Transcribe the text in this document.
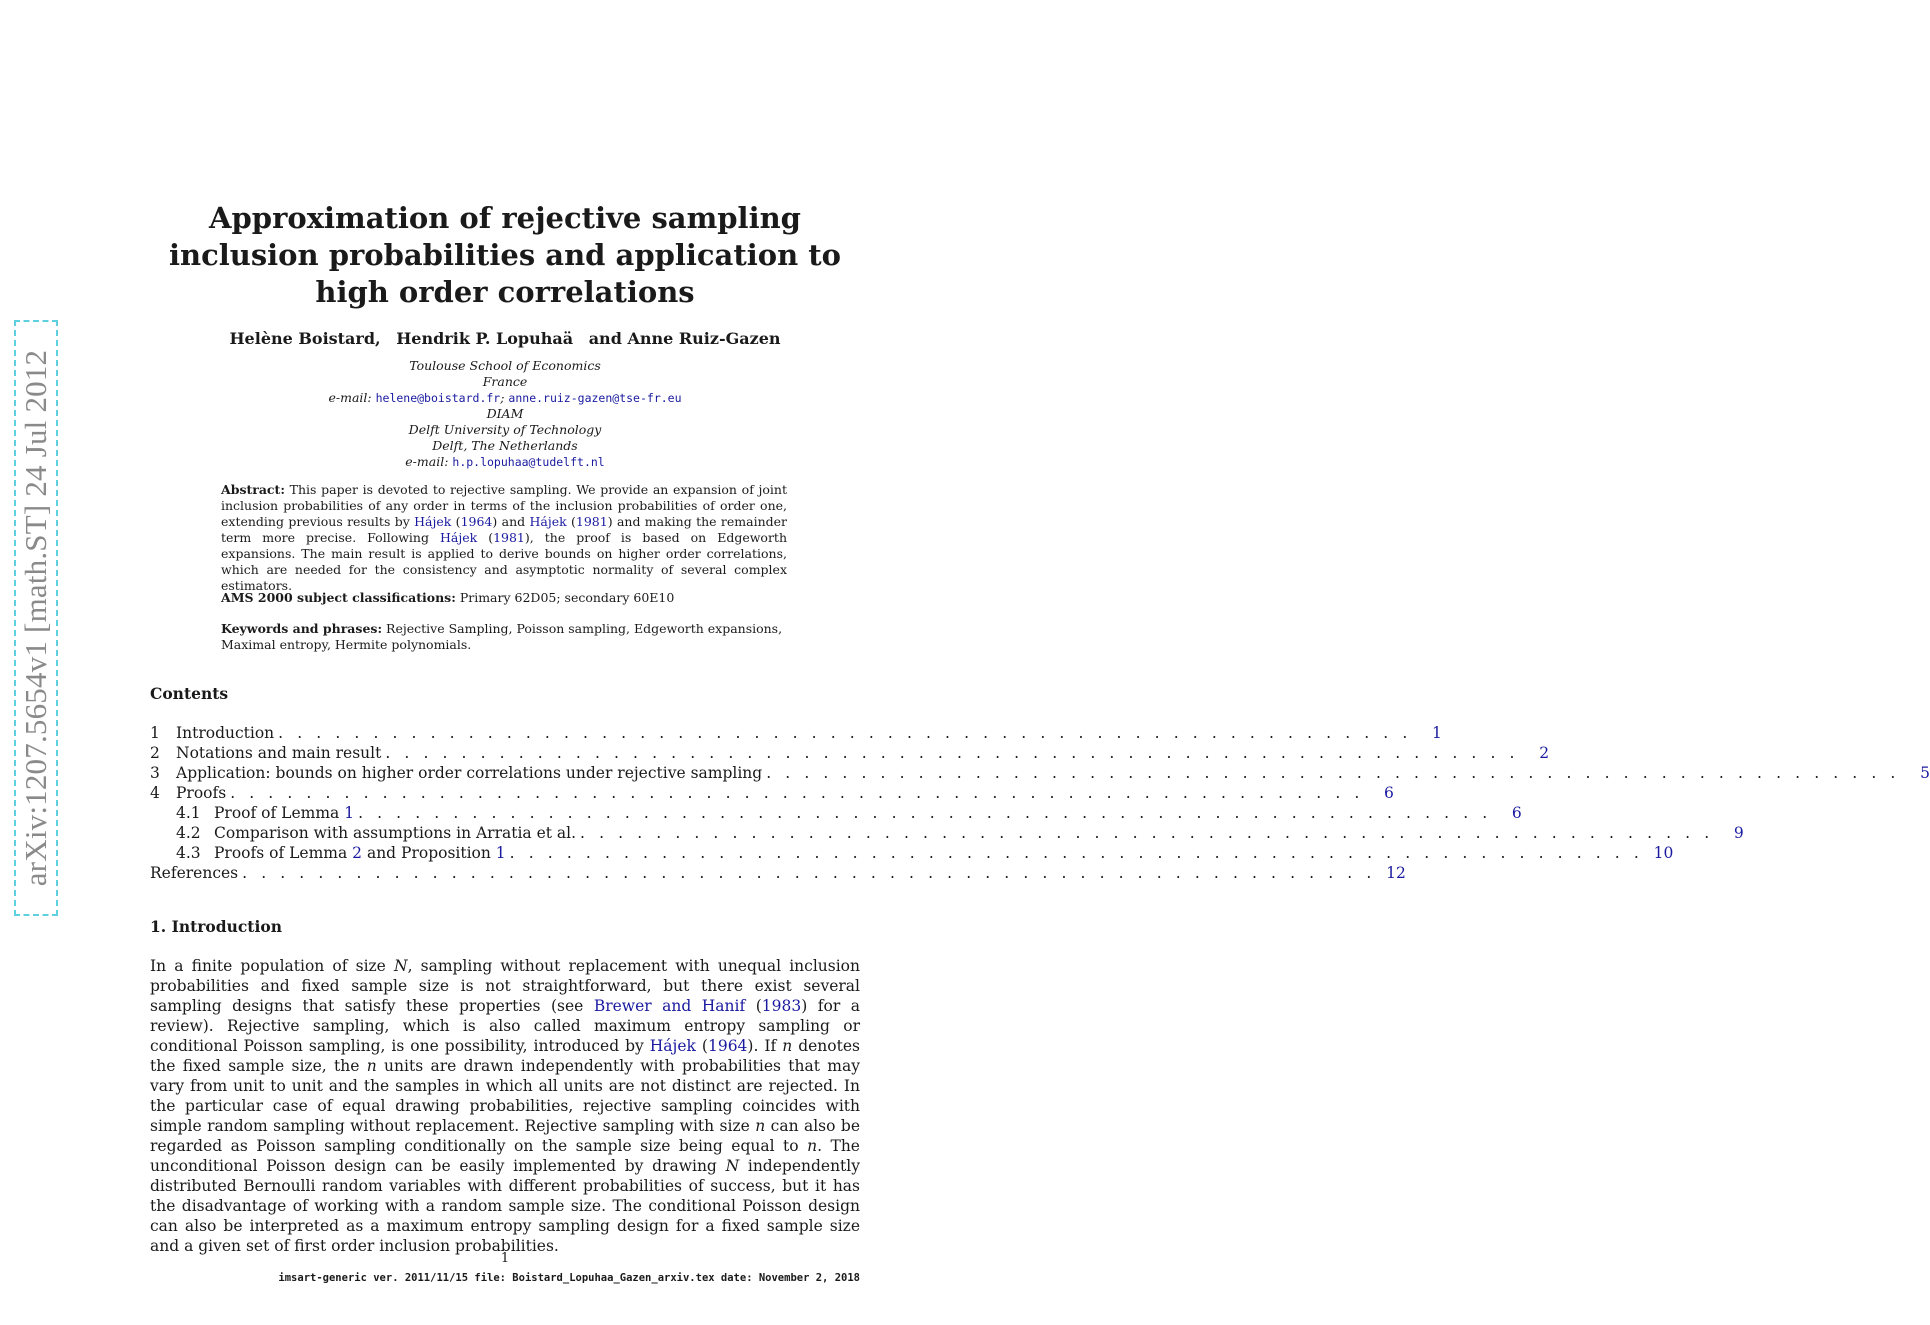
arXiv:1207.5654v1 [math.ST] 24 Jul 2012
Approximation of rejective sampling inclusion probabilities and application to high order correlations
Helène Boistard, Hendrik P. Lopuhaä and Anne Ruiz-Gazen
Toulouse School of Economics
France
e-mail: helene@boistard.fr; anne.ruiz-gazen@tse-fr.eu
DIAM
Delft University of Technology
Delft, The Netherlands
e-mail: h.p.lopuhaa@tudelft.nl
Abstract: This paper is devoted to rejective sampling. We provide an expansion of joint inclusion probabilities of any order in terms of the inclusion probabilities of order one, extending previous results by Hájek (1964) and Hájek (1981) and making the remainder term more precise. Following Hájek (1981), the proof is based on Edgeworth expansions. The main result is applied to derive bounds on higher order correlations, which are needed for the consistency and asymptotic normality of several complex estimators.
AMS 2000 subject classifications: Primary 62D05; secondary 60E10
Keywords and phrases: Rejective Sampling, Poisson sampling, Edgeworth expansions, Maximal entropy, Hermite polynomials.
Contents
1	Introduction . . . . . . . . . . . . . . . . . . . . . . . . . . . . . . . . . . . . . . . . . . . . . . . . . . . . . . . . . . . .	1
2	Notations and main result . . . . . . . . . . . . . . . . . . . . . . . . . . . . . . . . . . . . . . . . . . . . . . . . . . . . . . . . . . . .	2
3	Application: bounds on higher order correlations under rejective sampling . . . . . . . . . . . . . . . . . . . . . . . . . . . . . . . . . . . . . . . . . . . . . . . . . . . . . . . . . . . .	5
4	Proofs . . . . . . . . . . . . . . . . . . . . . . . . . . . . . . . . . . . . . . . . . . . . . . . . . . . . . . . . . . . .	6
4.1 Proof of Lemma 1 . . . . . . . . . . . . . . . . . . . . . . . . . . . . . . . . . . . . . . . . . . . . . . . . . . . . . . . . . . . .	6
4.2 Comparison with assumptions in Arratia et al. . . . . . . . . . . . . . . . . . . . . . . . . . . . . . . . . . . . . . . . . . . . . . . . . . . . . . . . . . . . .	9
4.3 Proofs of Lemma 2 and Proposition 1 . . . . . . . . . . . . . . . . . . . . . . . . . . . . . . . . . . . . . . . . . . . . . . . . . . . . . . . . . . . . 10
References . . . . . . . . . . . . . . . . . . . . . . . . . . . . . . . . . . . . . . . . . . . . . . . . . . . . . . . . . . . . 12
1. Introduction

In a finite population of size N, sampling without replacement with unequal inclusion probabilities and fixed sample size is not straightforward, but there exist several sampling designs that satisfy these properties (see Brewer and Hanif (1983) for a review). Rejective sampling, which is also called maximum entropy sampling or conditional Poisson sampling, is one possibility, introduced by Hájek (1964). If n denotes the fixed sample size, the n units are drawn independently with probabilities that may vary from unit to unit and the samples in which all units are not distinct are rejected. In the particular case of equal drawing probabilities, rejective sampling coincides with simple random sampling without replacement. Rejective sampling with size n can also be regarded as Poisson sampling conditionally on the sample size being equal to n. The unconditional Poisson design can be easily implemented by drawing N independently distributed Bernoulli random variables with different probabilities of success, but it has the disadvantage of working with a random sample size. The conditional Poisson design can also be interpreted as a maximum entropy sampling design for a fixed sample size and a given set of first order inclusion probabilities.

1
imsart-generic ver. 2011/11/15 file: Boistard_Lopuhaa_Gazen_arxiv.tex date: November 2, 2018
